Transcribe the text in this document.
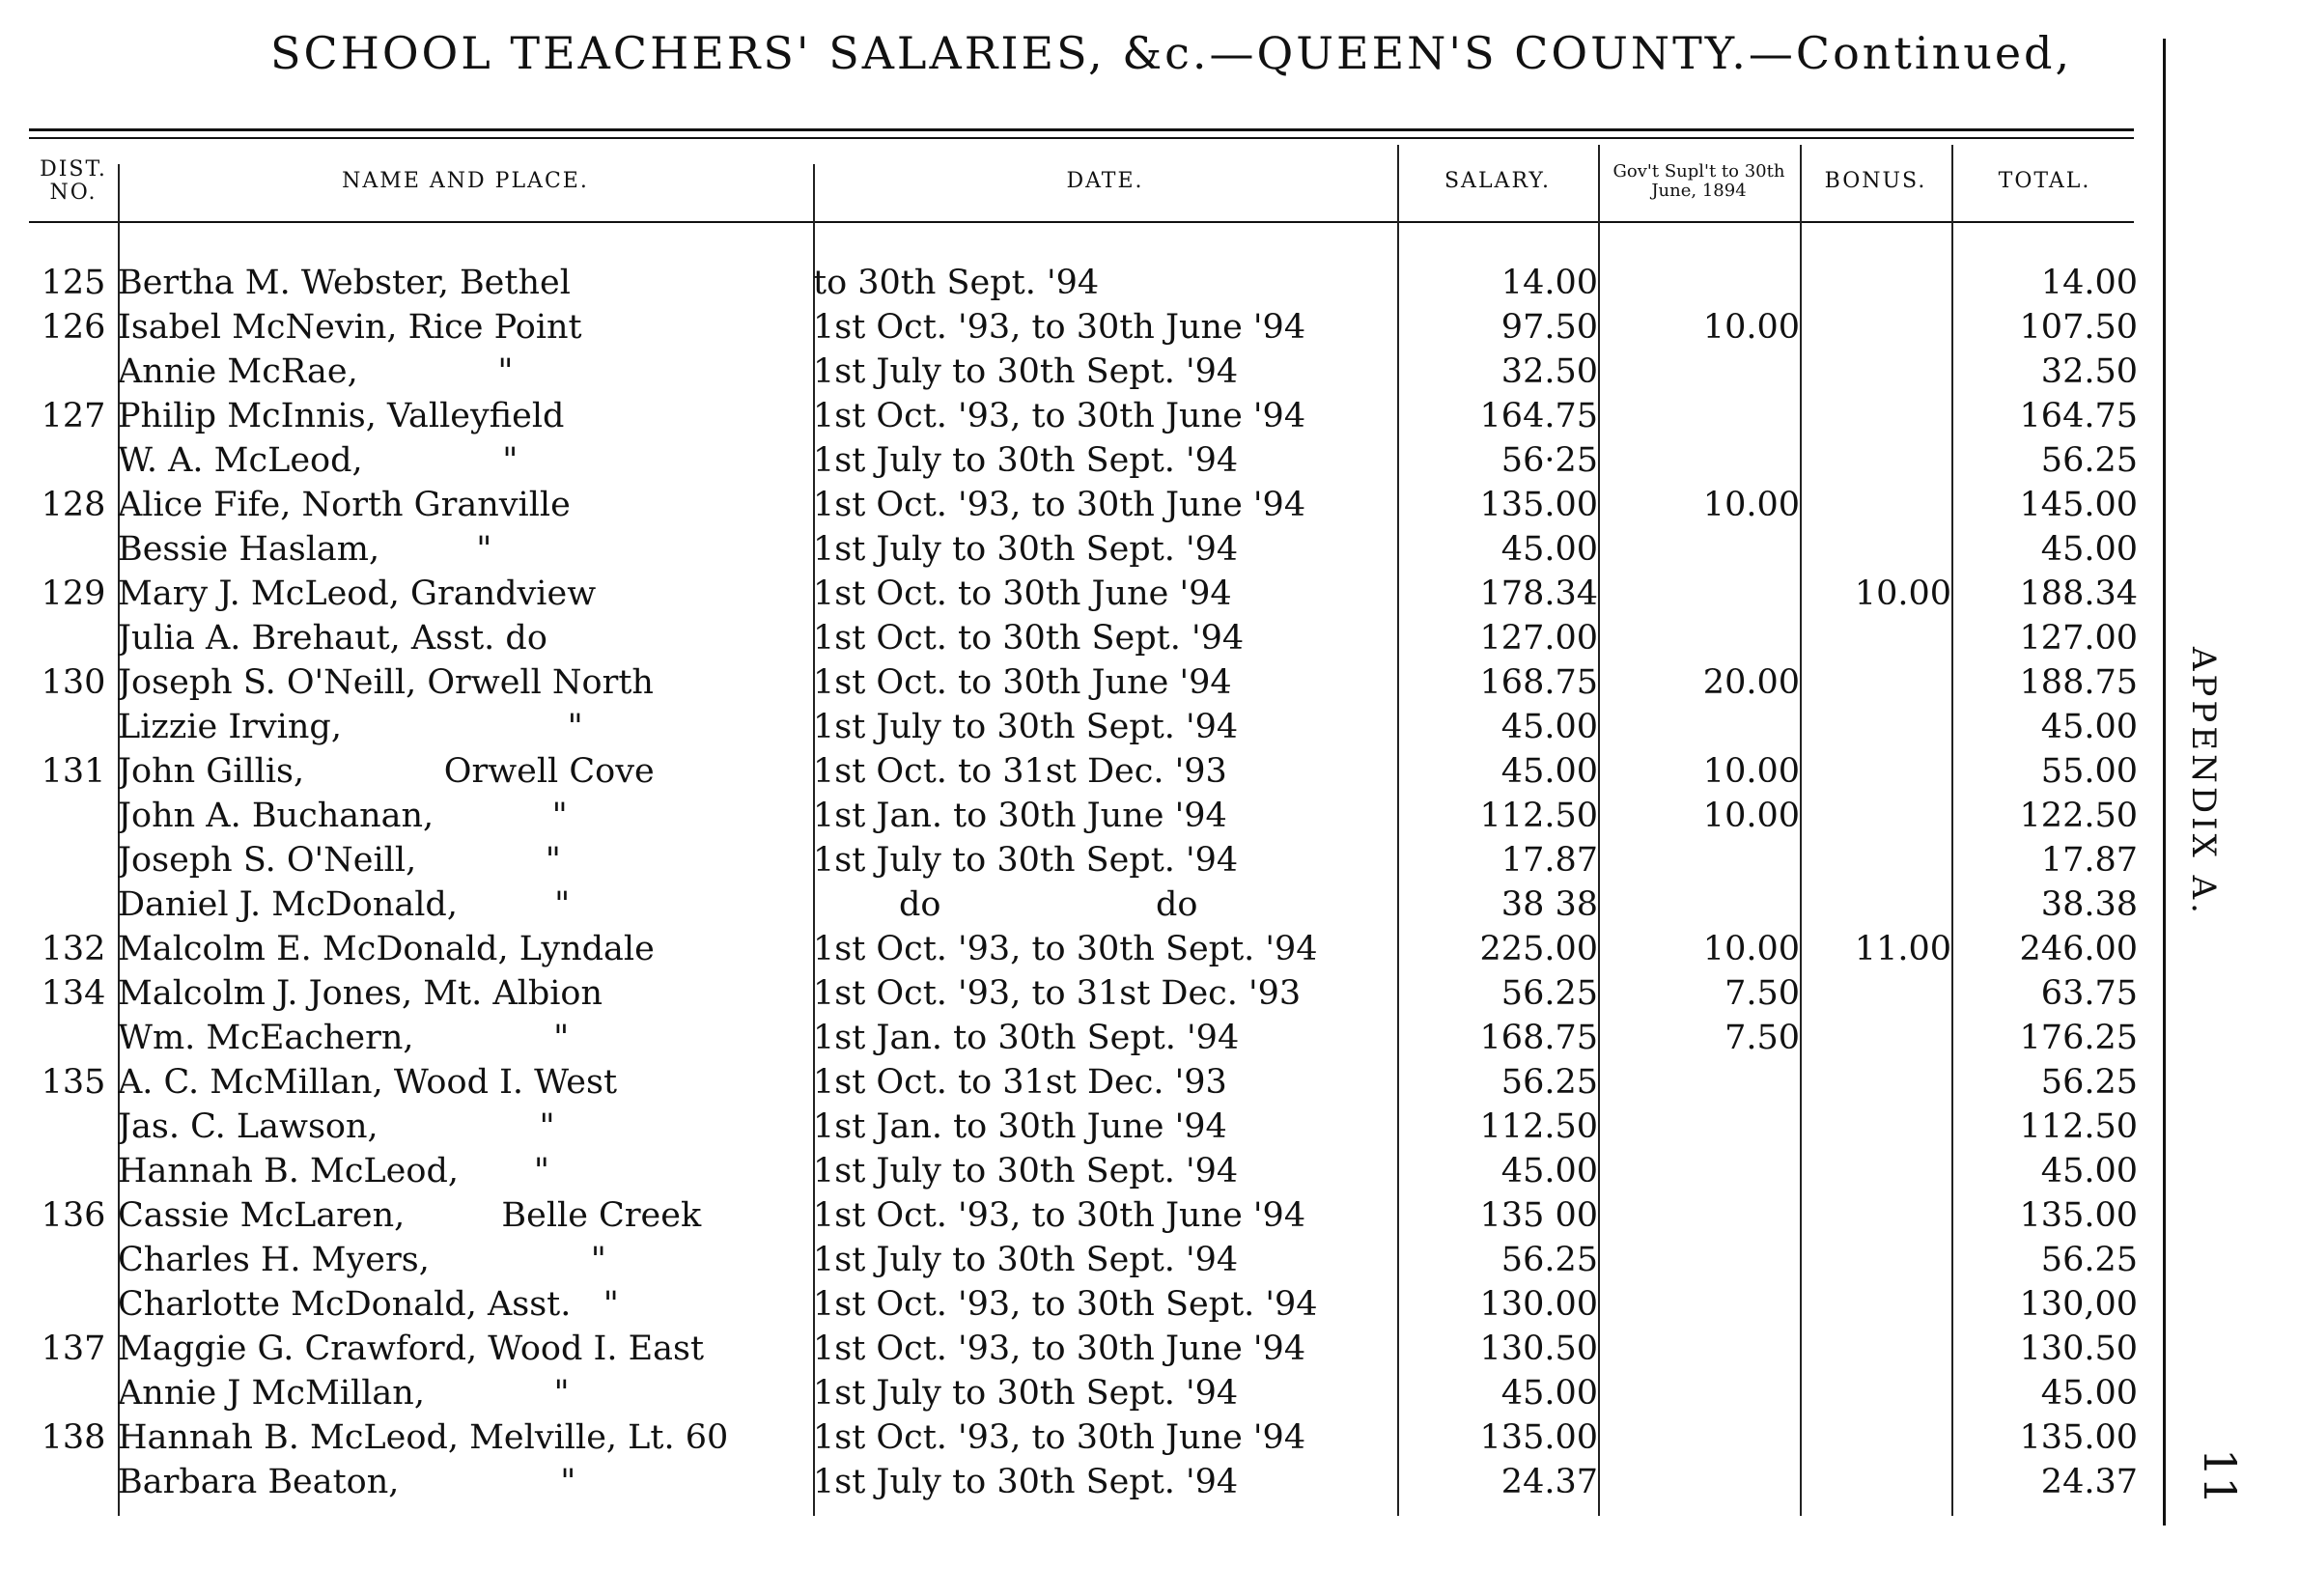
SCHOOL TEACHERS' SALARIES, &c.—QUEEN'S COUNTY.—Continued,
DIST. NO.	NAME AND PLACE.	DATE.	SALARY.	Gov't Supl't to 30th June, 1894	BONUS.	TOTAL.

125	Bertha M. Webster, Bethel	to 30th Sept. '94	14.00			14.00
126	Isabel McNevin, Rice Point	1st Oct. '93, to 30th June '94	97.50	10.00		107.50
	Annie McRae,             "	1st July to 30th Sept. '94	32.50			32.50
127	Philip McInnis, Valleyfield	1st Oct. '93, to 30th June '94	164.75			164.75
	W. A. McLeod,             "	1st July to 30th Sept. '94	56·25			56.25
128	Alice Fife, North Granville	1st Oct. '93, to 30th June '94	135.00	10.00		145.00
	Bessie Haslam,         "	1st July to 30th Sept. '94	45.00			45.00
129	Mary J. McLeod, Grandview	1st Oct. to 30th June '94	178.34		10.00	188.34
	Julia A. Brehaut, Asst. do	1st Oct. to 30th Sept. '94	127.00			127.00
130	Joseph S. O'Neill, Orwell North	1st Oct. to 30th June '94	168.75	20.00		188.75
	Lizzie Irving,                     "	1st July to 30th Sept. '94	45.00			45.00
131	John Gillis,             Orwell Cove	1st Oct. to 31st Dec. '93	45.00	10.00		55.00
	John A. Buchanan,           "	1st Jan. to 30th June '94	112.50	10.00		122.50
	Joseph S. O'Neill,            "	1st July to 30th Sept. '94	17.87			17.87
	Daniel J. McDonald,         "	do                    do	38 38			38.38
132	Malcolm E. McDonald, Lyndale	1st Oct. '93, to 30th Sept. '94	225.00	10.00	11.00	246.00
134	Malcolm J. Jones, Mt. Albion	1st Oct. '93, to 31st Dec. '93	56.25	7.50		63.75
	Wm. McEachern,             "	1st Jan. to 30th Sept. '94	168.75	7.50		176.25
135	A. C. McMillan, Wood I. West	1st Oct. to 31st Dec. '93	56.25			56.25
	Jas. C. Lawson,               "	1st Jan. to 30th June '94	112.50			112.50
	Hannah B. McLeod,       "	1st July to 30th Sept. '94	45.00			45.00
136	Cassie McLaren,         Belle Creek	1st Oct. '93, to 30th June '94	135 00			135.00
	Charles H. Myers,               "	1st July to 30th Sept. '94	56.25			56.25
	Charlotte McDonald, Asst.   "	1st Oct. '93, to 30th Sept. '94	130.00			130,00
137	Maggie G. Crawford, Wood I. East	1st Oct. '93, to 30th June '94	130.50			130.50
	Annie J McMillan,            "	1st July to 30th Sept. '94	45.00			45.00
138	Hannah B. McLeod, Melville, Lt. 60	1st Oct. '93, to 30th June '94	135.00			135.00
	Barbara Beaton,               "	1st July to 30th Sept. '94	24.37			24.37
APPENDIX A.
11
